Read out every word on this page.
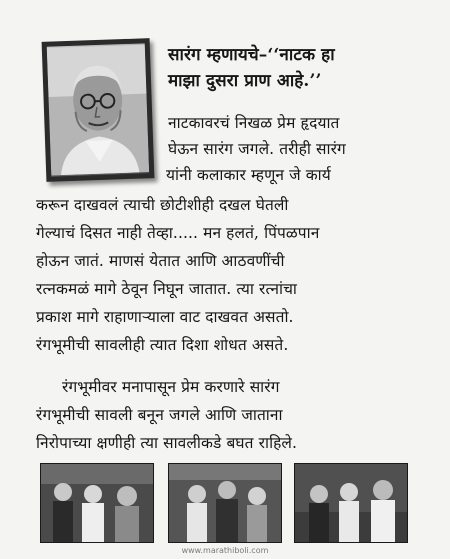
सारंग म्हणायचे–‘‘नाटक हा

माझा दुसरा प्राण आहे.’’

नाटकावरचं निखळ प्रेम हृदयात

घेऊन सारंग जगले. तरीही सारंग

यांनी कलाकार म्हणून जे कार्य

करून दाखवलं त्याची छोटीशीही दखल घेतली

गेल्याचं दिसत नाही तेव्हा..... मन हलतं, पिंपळपान

होऊन जातं. माणसं येतात आणि आठवणींची

रत्नकमळं मागे ठेवून निघून जातात. त्या रत्नांचा

प्रकाश मागे राहाणाऱ्याला वाट दाखवत असतो.

रंगभूमीची सावलीही त्यात दिशा शोधत असते.

रंगभूमीवर मनापासून प्रेम करणारे सारंग

रंगभूमीची सावली बनून जगले आणि जाताना

निरोपाच्या क्षणीही त्या सावलीकडे बघत राहिले.

www.marathiboli.com
